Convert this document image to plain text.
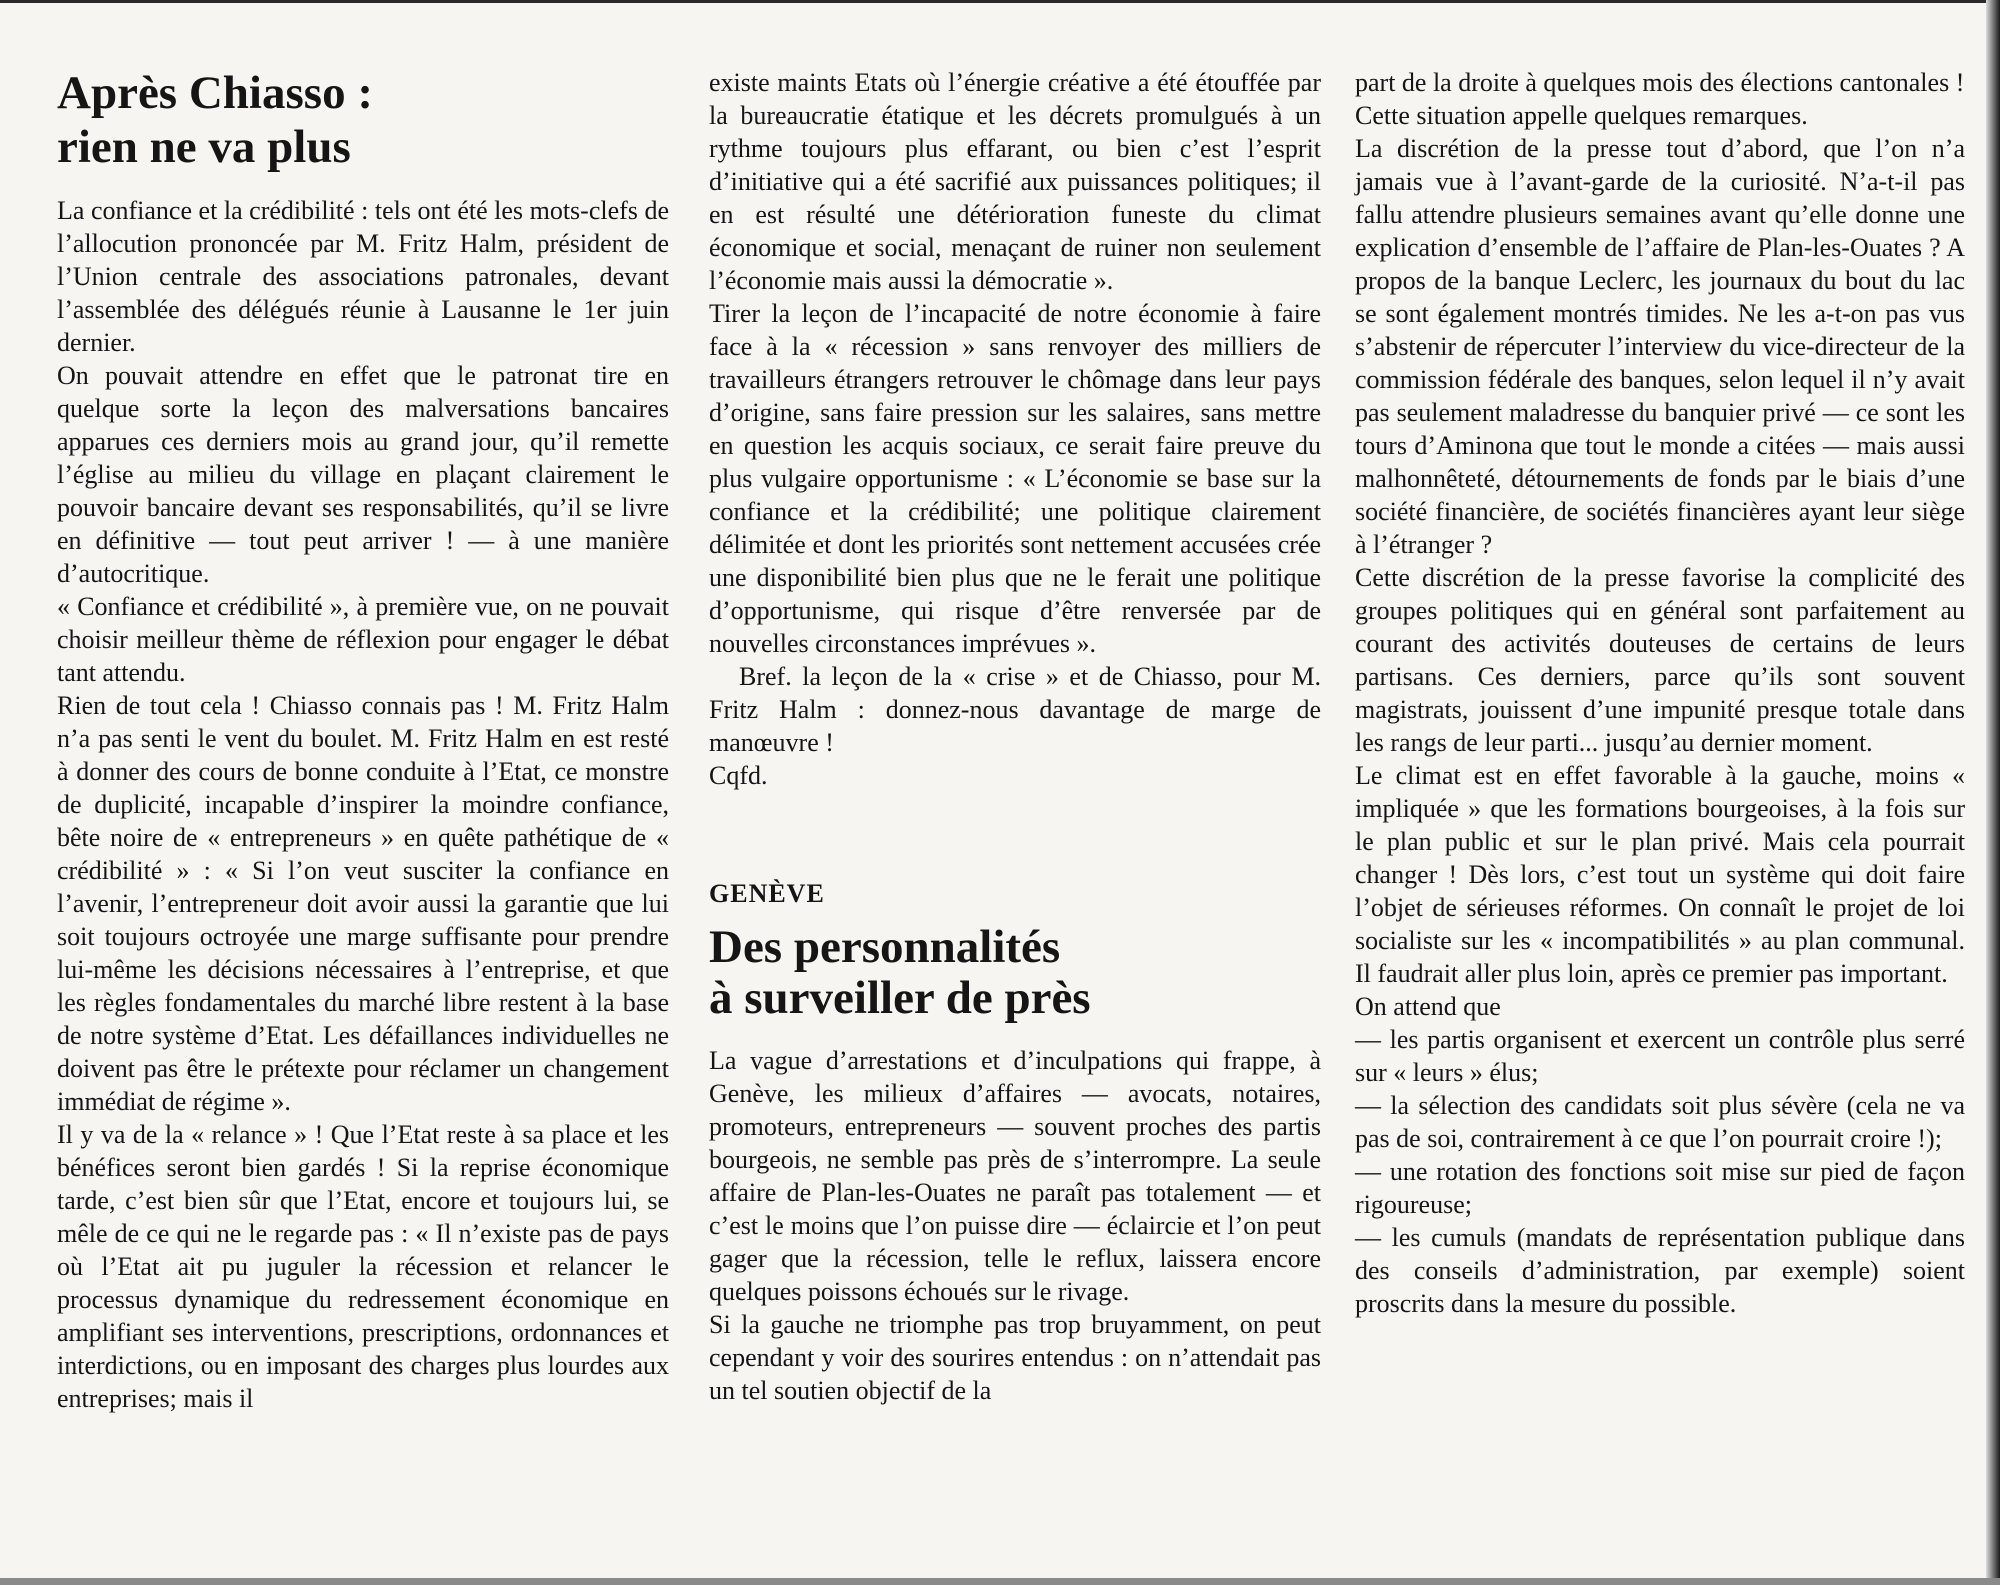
Après Chiasso :
rien ne va plus

La confiance et la crédibilité : tels ont été les mots-clefs de l’allocution prononcée par M. Fritz Halm, président de l’Union centrale des associations patronales, devant l’assemblée des délégués réunie à Lausanne le 1er juin dernier.

On pouvait attendre en effet que le patronat tire en quelque sorte la leçon des malversations bancaires apparues ces derniers mois au grand jour, qu’il remette l’église au milieu du village en plaçant clairement le pouvoir bancaire devant ses responsabilités, qu’il se livre en définitive — tout peut arriver ! — à une manière d’autocritique.

« Confiance et crédibilité », à première vue, on ne pouvait choisir meilleur thème de réflexion pour engager le débat tant attendu.

Rien de tout cela ! Chiasso connais pas ! M. Fritz Halm n’a pas senti le vent du boulet. M. Fritz Halm en est resté à donner des cours de bonne conduite à l’Etat, ce monstre de duplicité, incapable d’inspirer la moindre confiance, bête noire de « entrepreneurs » en quête pathétique de « crédibilité » : « Si l’on veut susciter la confiance en l’avenir, l’entrepreneur doit avoir aussi la garantie que lui soit toujours octroyée une marge suffisante pour prendre lui-même les décisions nécessaires à l’entreprise, et que les règles fondamentales du marché libre restent à la base de notre système d’Etat. Les défaillances individuelles ne doivent pas être le prétexte pour réclamer un changement immédiat de régime ».

Il y va de la « relance » ! Que l’Etat reste à sa place et les bénéfices seront bien gardés ! Si la reprise économique tarde, c’est bien sûr que l’Etat, encore et toujours lui, se mêle de ce qui ne le regarde pas : « Il n’existe pas de pays où l’Etat ait pu juguler la récession et relancer le processus dynamique du redressement économique en amplifiant ses interventions, prescriptions, ordonnances et interdictions, ou en imposant des charges plus lourdes aux entreprises; mais il

existe maints Etats où l’énergie créative a été étouffée par la bureaucratie étatique et les décrets promulgués à un rythme toujours plus effarant, ou bien c’est l’esprit d’initiative qui a été sacrifié aux puissances politiques; il en est résulté une détérioration funeste du climat économique et social, menaçant de ruiner non seulement l’économie mais aussi la démocratie ».

Tirer la leçon de l’incapacité de notre économie à faire face à la « récession » sans renvoyer des milliers de travailleurs étrangers retrouver le chômage dans leur pays d’origine, sans faire pression sur les salaires, sans mettre en question les acquis sociaux, ce serait faire preuve du plus vulgaire opportunisme : « L’économie se base sur la confiance et la crédibilité; une politique clairement délimitée et dont les priorités sont nettement accusées crée une disponibilité bien plus que ne le ferait une politique d’opportunisme, qui risque d’être renversée par de nouvelles circonstances imprévues ».

Bref. la leçon de la « crise » et de Chiasso, pour M. Fritz Halm : donnez-nous davantage de marge de manœuvre !

Cqfd.

GENÈVE
Des personnalités
à surveiller de près

La vague d’arrestations et d’inculpations qui frappe, à Genève, les milieux d’affaires — avocats, notaires, promoteurs, entrepreneurs — souvent proches des partis bourgeois, ne semble pas près de s’interrompre. La seule affaire de Plan-les-Ouates ne paraît pas totalement — et c’est le moins que l’on puisse dire — éclaircie et l’on peut gager que la récession, telle le reflux, laissera encore quelques poissons échoués sur le rivage.

Si la gauche ne triomphe pas trop bruyamment, on peut cependant y voir des sourires entendus : on n’attendait pas un tel soutien objectif de la

part de la droite à quelques mois des élections cantonales !

Cette situation appelle quelques remarques.

La discrétion de la presse tout d’abord, que l’on n’a jamais vue à l’avant-garde de la curiosité. N’a-t-il pas fallu attendre plusieurs semaines avant qu’elle donne une explication d’ensemble de l’affaire de Plan-les-Ouates ? A propos de la banque Leclerc, les journaux du bout du lac se sont également montrés timides. Ne les a-t-on pas vus s’abstenir de répercuter l’interview du vice-directeur de la commission fédérale des banques, selon lequel il n’y avait pas seulement maladresse du banquier privé — ce sont les tours d’Aminona que tout le monde a citées — mais aussi malhonnêteté, détournements de fonds par le biais d’une société financière, de sociétés financières ayant leur siège à l’étranger ?

Cette discrétion de la presse favorise la complicité des groupes politiques qui en général sont parfaitement au courant des activités douteuses de certains de leurs partisans. Ces derniers, parce qu’ils sont souvent magistrats, jouissent d’une impunité presque totale dans les rangs de leur parti... jusqu’au dernier moment.

Le climat est en effet favorable à la gauche, moins « impliquée » que les formations bourgeoises, à la fois sur le plan public et sur le plan privé. Mais cela pourrait changer ! Dès lors, c’est tout un système qui doit faire l’objet de sérieuses réformes. On connaît le projet de loi socialiste sur les « incompatibilités » au plan communal. Il faudrait aller plus loin, après ce premier pas important.

On attend que

— les partis organisent et exercent un contrôle plus serré sur « leurs » élus;

— la sélection des candidats soit plus sévère (cela ne va pas de soi, contrairement à ce que l’on pourrait croire !);

— une rotation des fonctions soit mise sur pied de façon rigoureuse;

— les cumuls (mandats de représentation publique dans des conseils d’administration, par exemple) soient proscrits dans la mesure du possible.
